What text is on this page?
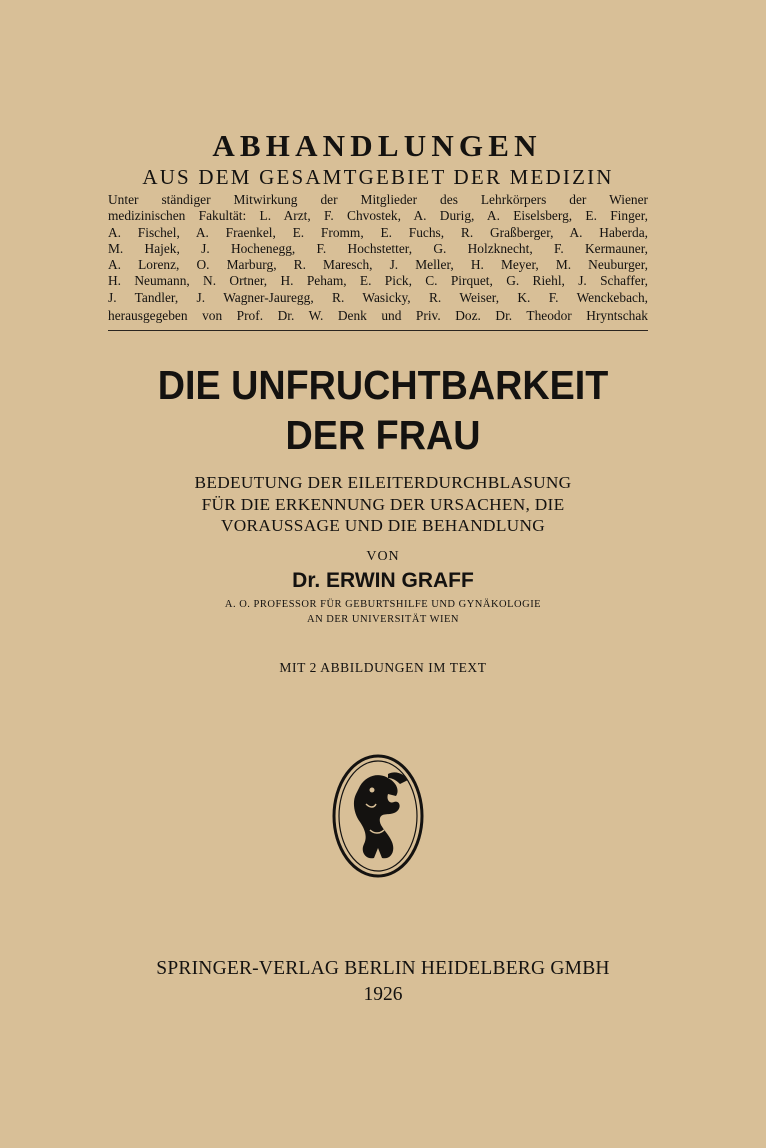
ABHANDLUNGEN
AUS DEM GESAMTGEBIET DER MEDIZIN
Unter ständiger Mitwirkung der Mitglieder des Lehrkörpers der Wiener
medizinischen Fakultät: L. Arzt, F. Chvostek, A. Durig, A. Eiselsberg, E. Finger,
A. Fischel, A. Fraenkel, E. Fromm, E. Fuchs, R. Graßberger, A. Haberda,
M. Hajek, J. Hochenegg, F. Hochstetter, G. Holzknecht, F. Kermauner,
A. Lorenz, O. Marburg, R. Maresch, J. Meller, H. Meyer, M. Neuburger,
H. Neumann, N. Ortner, H. Peham, E. Pick, C. Pirquet, G. Riehl, J. Schaffer,
J. Tandler, J. Wagner-Jauregg, R. Wasicky, R. Weiser, K. F. Wenckebach,
herausgegeben von Prof. Dr. W. Denk und Priv. Doz. Dr. Theodor Hryntschak
DIE UNFRUCHTBARKEIT
DER FRAU
BEDEUTUNG DER EILEITERDURCHBLASUNG
FÜR DIE ERKENNUNG DER URSACHEN, DIE
VORAUSSAGE UND DIE BEHANDLUNG
VON
Dr. ERWIN GRAFF
A. O. PROFESSOR FÜR GEBURTSHILFE UND GYNÄKOLOGIE
AN DER UNIVERSITÄT WIEN
MIT 2 ABBILDUNGEN IM TEXT
SPRINGER-VERLAG BERLIN HEIDELBERG GMBH
1926
